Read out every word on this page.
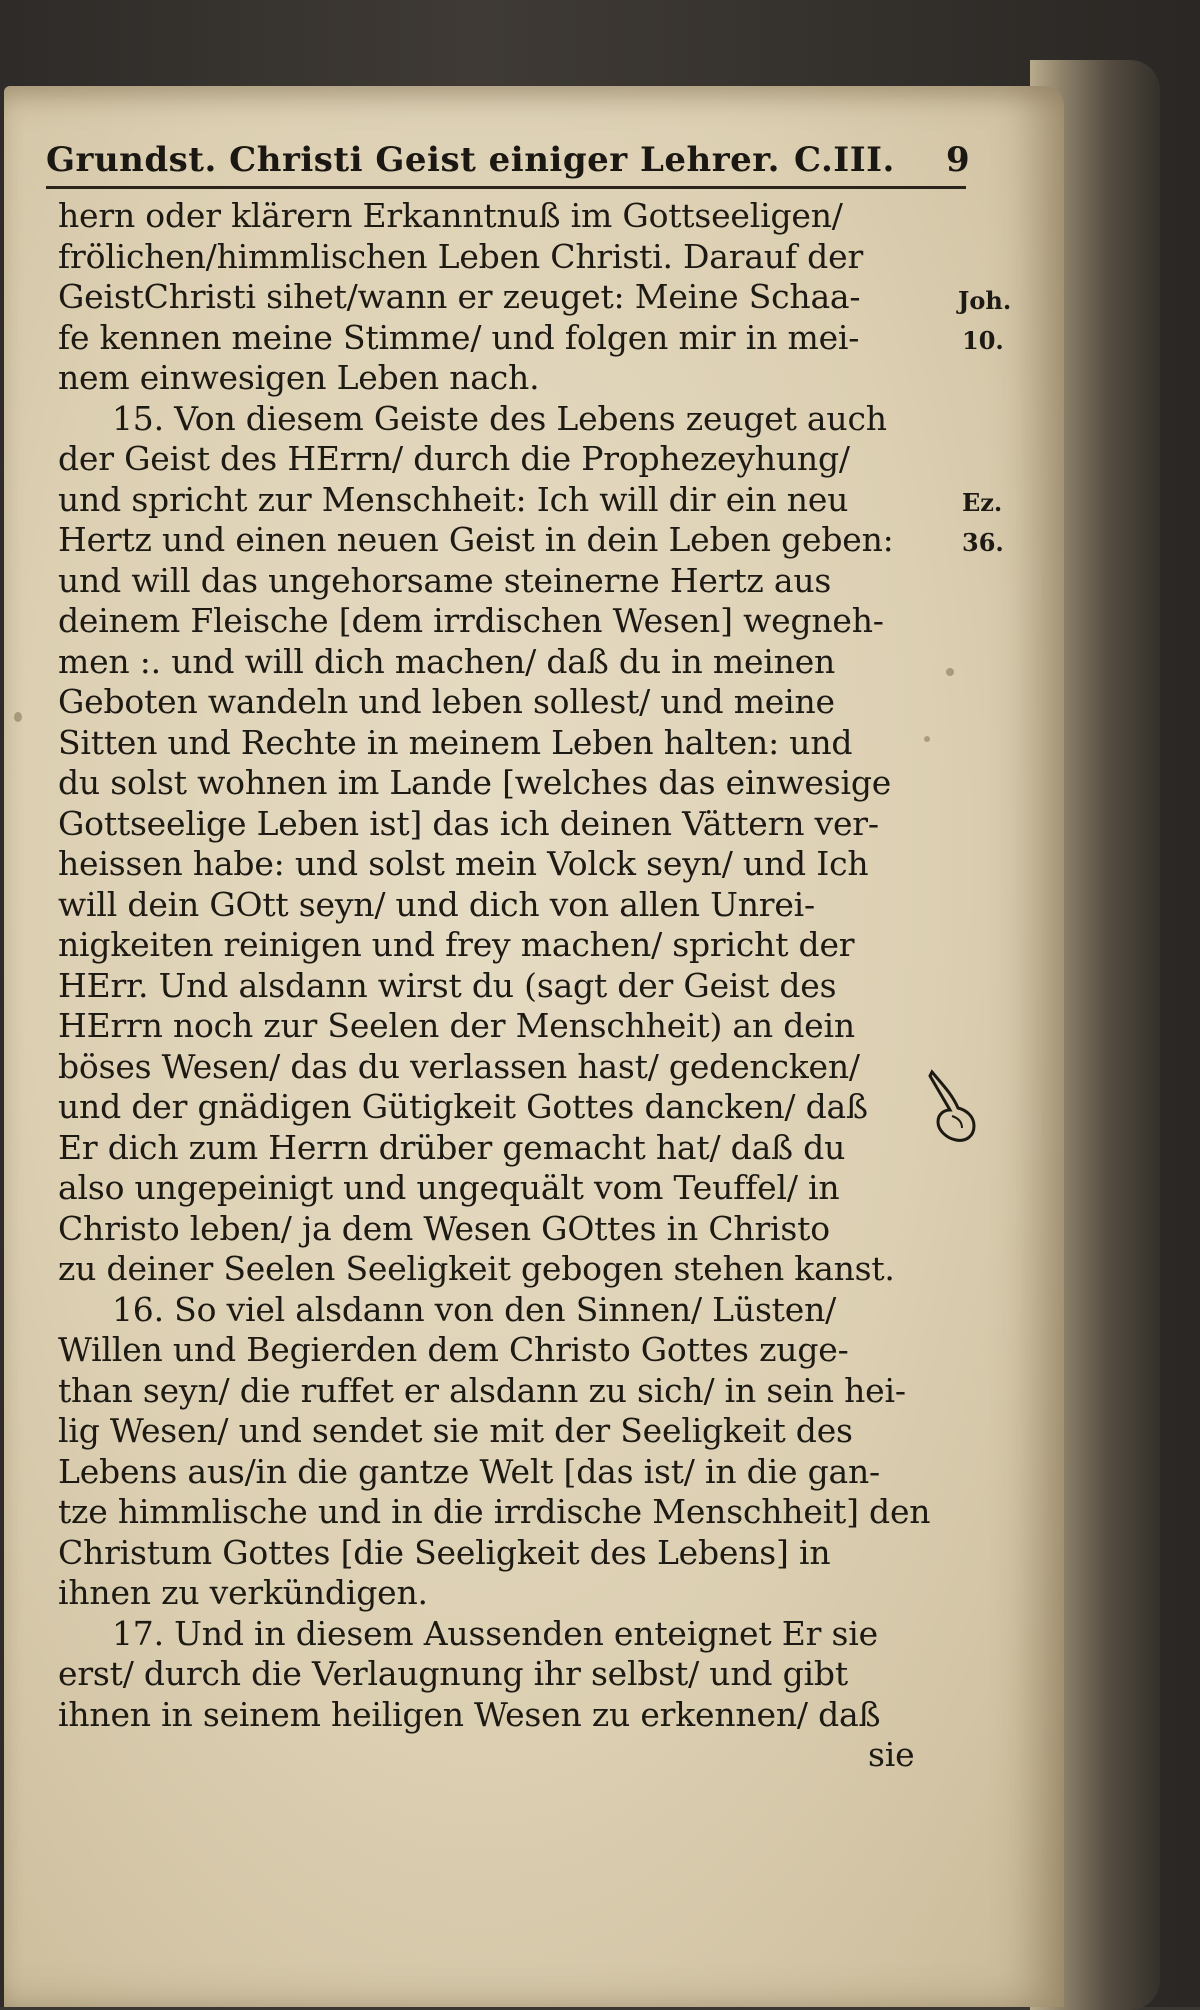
Grundst. Christi Geist einiger Lehrer. C.III. 9
hern oder klärern Erkanntnuß im Gottseeligen/
frölichen/himmlischen Leben Christi. Darauf der
GeistChristi sihet/wann er zeuget: Meine Schaa-
fe kennen meine Stimme/ und folgen mir in mei-
nem einwesigen Leben nach.
15. Von diesem Geiste des Lebens zeuget auch
der Geist des HErrn/ durch die Prophezeyhung/
und spricht zur Menschheit: Ich will dir ein neu
Hertz und einen neuen Geist in dein Leben geben:
und will das ungehorsame steinerne Hertz aus
deinem Fleische [dem irrdischen Wesen] wegneh-
men :. und will dich machen/ daß du in meinen
Geboten wandeln und leben sollest/ und meine
Sitten und Rechte in meinem Leben halten: und
du solst wohnen im Lande [welches das einwesige
Gottseelige Leben ist] das ich deinen Vättern ver-
heissen habe: und solst mein Volck seyn/ und Ich
will dein GOtt seyn/ und dich von allen Unrei-
nigkeiten reinigen und frey machen/ spricht der
HErr. Und alsdann wirst du (sagt der Geist des
HErrn noch zur Seelen der Menschheit) an dein
böses Wesen/ das du verlassen hast/ gedencken/
und der gnädigen Gütigkeit Gottes dancken/ daß
Er dich zum Herrn drüber gemacht hat/ daß du
also ungepeinigt und ungequält vom Teuffel/ in
Christo leben/ ja dem Wesen GOttes in Christo
zu deiner Seelen Seeligkeit gebogen stehen kanst.
16. So viel alsdann von den Sinnen/ Lüsten/
Willen und Begierden dem Christo Gottes zuge-
than seyn/ die ruffet er alsdann zu sich/ in sein hei-
lig Wesen/ und sendet sie mit der Seeligkeit des
Lebens aus/in die gantze Welt [das ist/ in die gan-
tze himmlische und in die irrdische Menschheit] den
Christum Gottes [die Seeligkeit des Lebens] in
ihnen zu verkündigen.
17. Und in diesem Aussenden enteignet Er sie
erst/ durch die Verlaugnung ihr selbst/ und gibt
ihnen in seinem heiligen Wesen zu erkennen/ daß
sie
Joh.
10.
Ez.
36.
